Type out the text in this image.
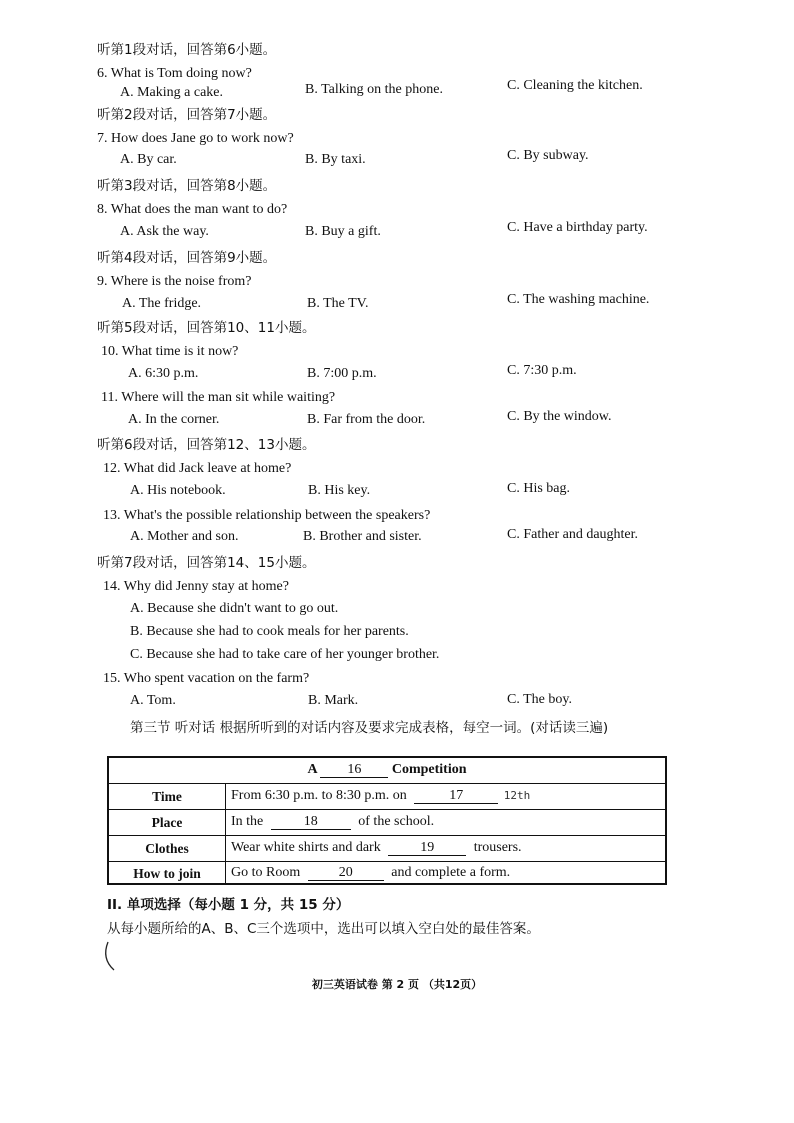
听第1段对话，回答第6小题。
6. What is Tom doing now?
A. Making a cake.	B. Talking on the phone.	C. Cleaning the kitchen.
听第2段对话，回答第7小题。
7. How does Jane go to work now?
A. By car.	B. By taxi.	C. By subway.
听第3段对话，回答第8小题。
8. What does the man want to do?
A. Ask the way.	B. Buy a gift.	C. Have a birthday party.
听第4段对话，回答第9小题。
9. Where is the noise from?
A. The fridge.	B. The TV.	C. The washing machine.
听第5段对话，回答第10、11小题。
10. What time is it now?
A. 6:30 p.m.	B. 7:00 p.m.	C. 7:30 p.m.
11. Where will the man sit while waiting?
A. In the corner.	B. Far from the door.	C. By the window.
听第6段对话，回答第12、13小题。
12. What did Jack leave at home?
A. His notebook.	B. His key.	C. His bag.
13. What's the possible relationship between the speakers?
A. Mother and son.	B. Brother and sister.	C. Father and daughter.
听第7段对话，回答第14、15小题。
14. Why did Jenny stay at home?
A. Because she didn't want to go out.
B. Because she had to cook meals for her parents.
C. Because she had to take care of her younger brother.
15. Who spent vacation on the farm?
A. Tom.	B. Mark.	C. The boy.
第三节 听对话 根据所听到的对话内容及要求完成表格，每空一词。(对话读三遍)
A 16 Competition
Time	From 6:30 p.m. to 8:30 p.m. on	17	12th
Place	In the	18	of the school.
Clothes	Wear white shirts and dark	19	trousers.
How to join	Go to Room	20	and complete a form.
II. 单项选择（每小题 1 分，共 15 分）
从每小题所给的A、B、C三个选项中，选出可以填入空白处的最佳答案。
初三英语试卷 第 2 页 （共12页）
